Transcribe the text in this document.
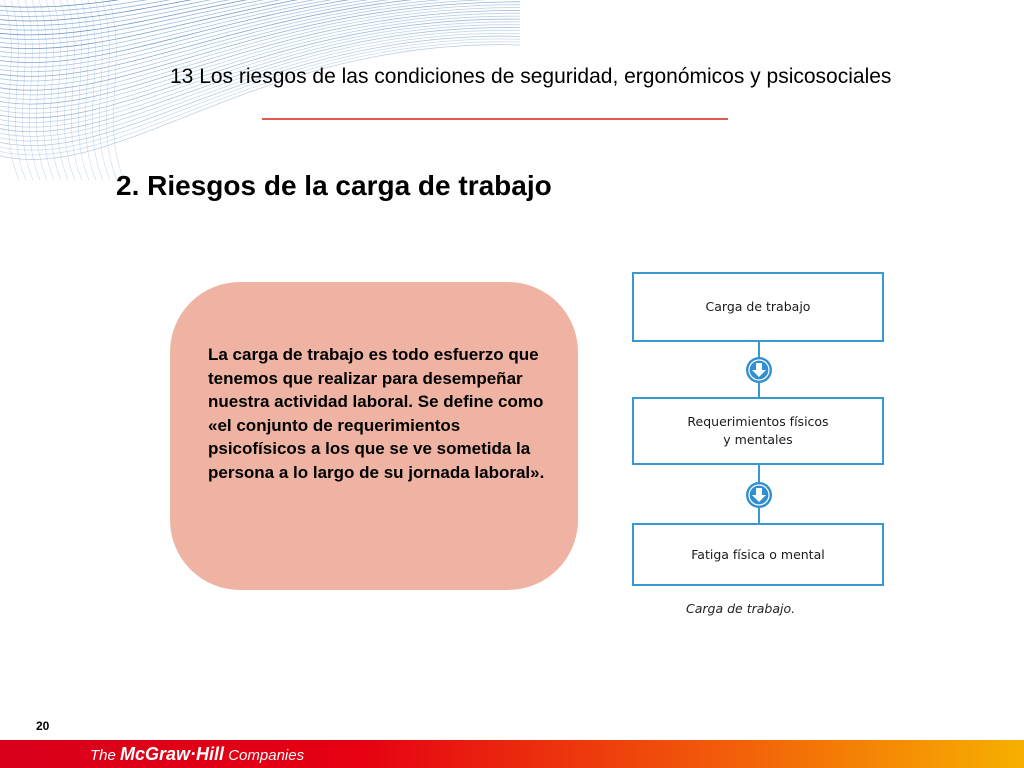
13 Los riesgos de las condiciones de seguridad, ergonómicos y psicosociales
2. Riesgos de la carga de trabajo
La carga de trabajo es todo esfuerzo que tenemos que realizar para desempeñar nuestra actividad laboral. Se define como «el conjunto de requerimientos psicofísicos a los que se ve sometida la persona a lo largo de su jornada laboral».
Carga de trabajo
Requerimientos físicos
y mentales
Fatiga física o mental
Carga de trabajo.
20
The McGraw·Hill Companies
